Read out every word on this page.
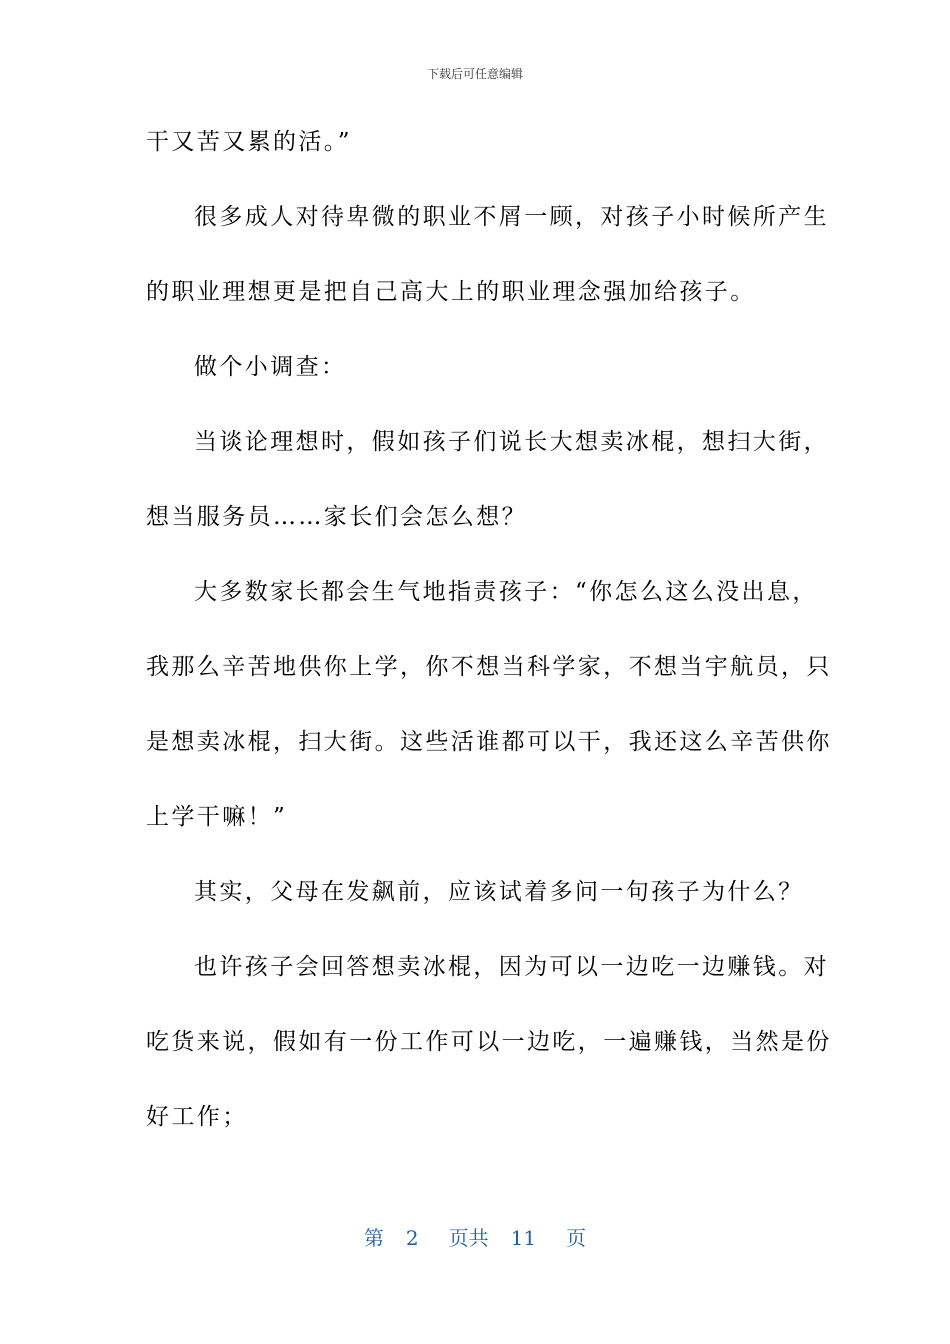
下载后可任意编辑
干又苦又累的活。”
很多成人对待卑微的职业不屑一顾，对孩子小时候所产生
的职业理想更是把自己高大上的职业理念强加给孩子。
做个小调查：
当谈论理想时，假如孩子们说长大想卖冰棍，想扫大街，
想当服务员……家长们会怎么想？
大多数家长都会生气地指责孩子：“你怎么这么没出息，
我那么辛苦地供你上学，你不想当科学家，不想当宇航员，只
是想卖冰棍，扫大街。这些活谁都可以干，我还这么辛苦供你
上学干嘛！”
其实，父母在发飙前，应该试着多问一句孩子为什么？
也许孩子会回答想卖冰棍，因为可以一边吃一边赚钱。对
吃货来说，假如有一份工作可以一边吃，一遍赚钱，当然是份
好工作；
第 2 页共 11 页
